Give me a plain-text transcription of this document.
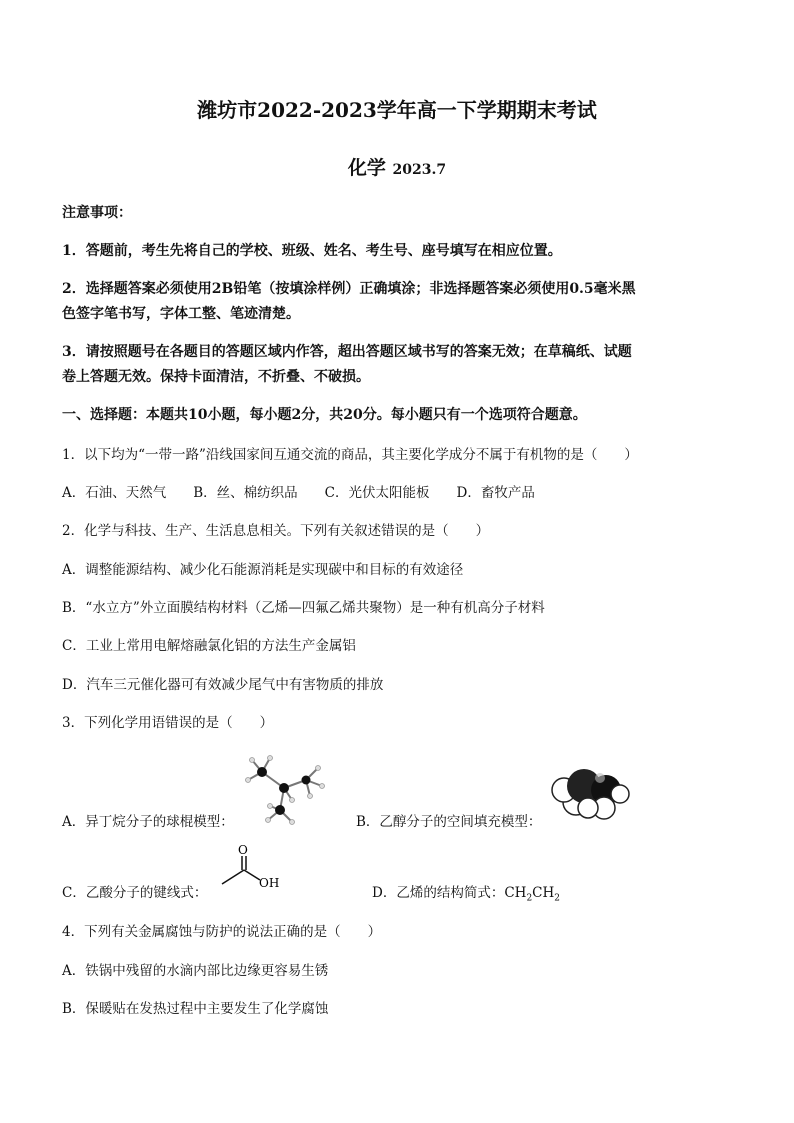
潍坊市2022-2023学年高一下学期期末考试
化学 2023.7
注意事项：
1．答题前，考生先将自己的学校、班级、姓名、考生号、座号填写在相应位置。
2．选择题答案必须使用2B铅笔（按填涂样例）正确填涂；非选择题答案必须使用0.5毫米黑
色签字笔书写，字体工整、笔迹清楚。
3．请按照题号在各题目的答题区域内作答，超出答题区域书写的答案无效；在草稿纸、试题
卷上答题无效。保持卡面清洁，不折叠、不破损。
一、选择题：本题共10小题，每小题2分，共20分。每小题只有一个选项符合题意。
1．以下均为“一带一路”沿线国家间互通交流的商品，其主要化学成分不属于有机物的是（　　）
A．石油、天然气　　B．丝、棉纺织品　　C．光伏太阳能板　　D．畜牧产品
2．化学与科技、生产、生活息息相关。下列有关叙述错误的是（　　）
A．调整能源结构、减少化石能源消耗是实现碳中和目标的有效途径
B．“水立方”外立面膜结构材料（乙烯—四氟乙烯共聚物）是一种有机高分子材料
C．工业上常用电解熔融氯化铝的方法生产金属铝
D．汽车三元催化器可有效减少尾气中有害物质的排放
3．下列化学用语错误的是（　　）
A．异丁烷分子的球棍模型：	B．乙醇分子的空间填充模型：
C．乙酸分子的键线式：
O
OH
D．乙烯的结构简式：$CH_2CH_2$
4．下列有关金属腐蚀与防护的说法正确的是（　　）
A．铁锅中残留的水滴内部比边缘更容易生锈
B．保暖贴在发热过程中主要发生了化学腐蚀
